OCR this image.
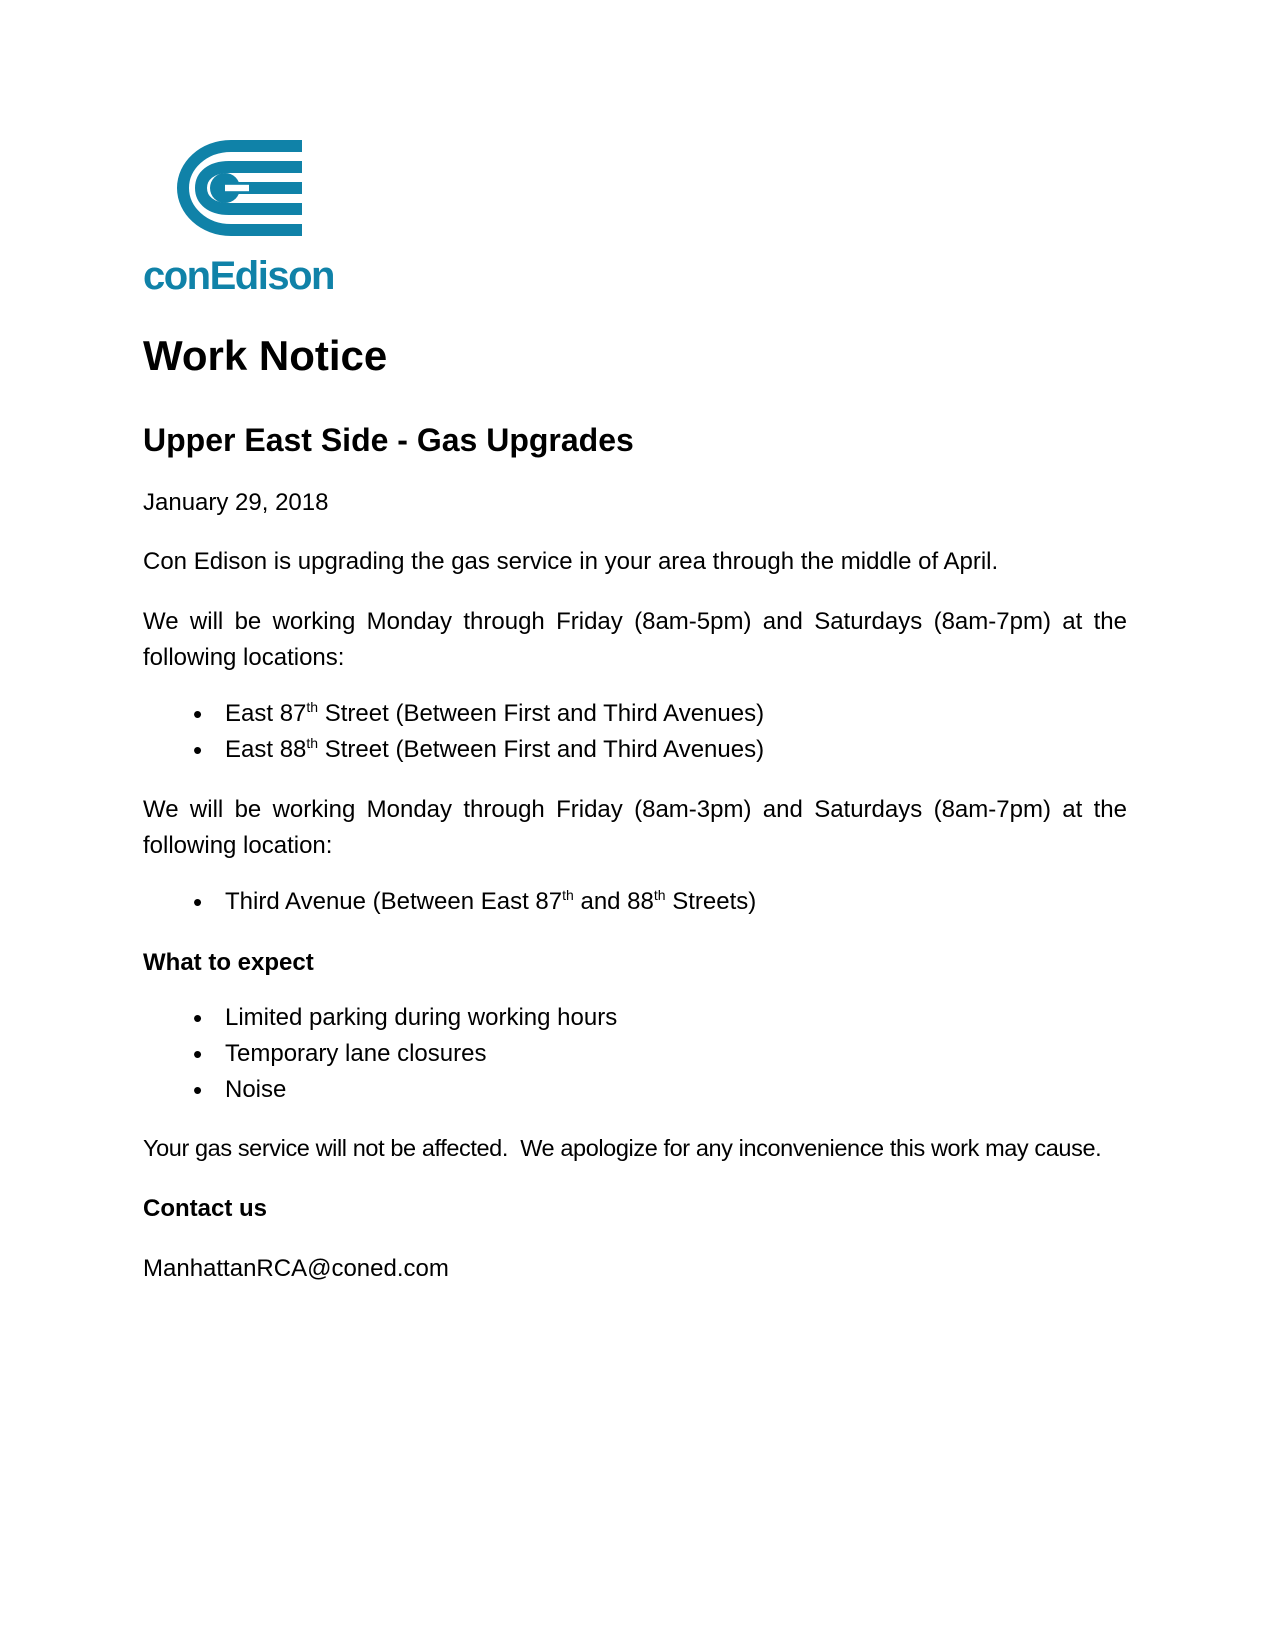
conEdison
Work Notice
Upper East Side - Gas Upgrades

January 29, 2018

Con Edison is upgrading the gas service in your area through the middle of April.

We will be working Monday through Friday (8am-5pm) and Saturdays (8am-7pm) at the following locations:

• East 87th Street (Between First and Third Avenues)
• East 88th Street (Between First and Third Avenues)

We will be working Monday through Friday (8am-3pm) and Saturdays (8am-7pm) at the following location:

• Third Avenue (Between East 87th and 88th Streets)
What to expect
• Limited parking during working hours
• Temporary lane closures
• Noise

Your gas service will not be affected.  We apologize for any inconvenience this work may cause.

Contact us

ManhattanRCA@coned.com
